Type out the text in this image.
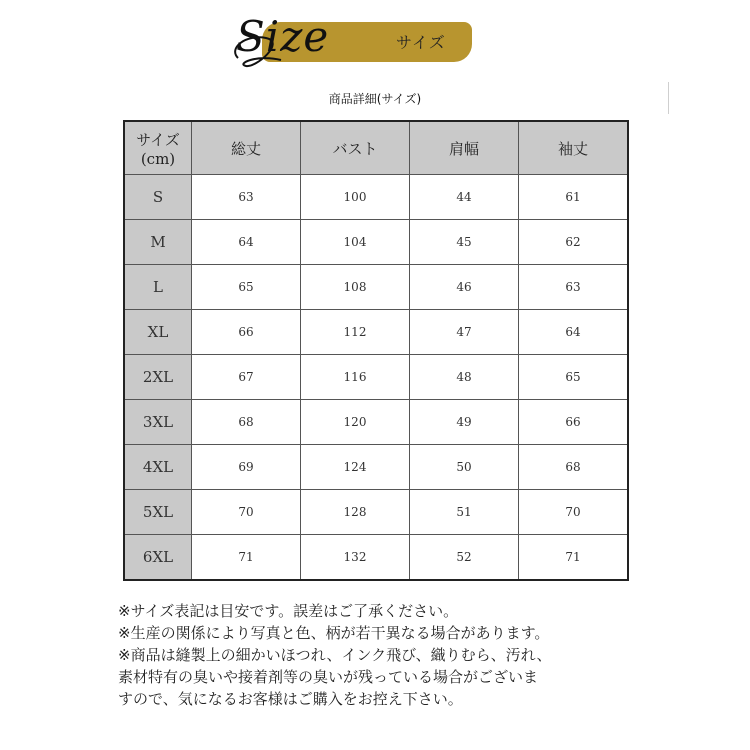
Size	サイズ
商品詳細(サイズ)
サイズ
(cm)	総丈	バスト	肩幅	袖丈
S	63	100	44	61
M	64	104	45	62
L	65	108	46	63
XL	66	112	47	64
2XL	67	116	48	65
3XL	68	120	49	66
4XL	69	124	50	68
5XL	70	128	51	70
6XL	71	132	52	71
※サイズ表記は目安です。誤差はご了承ください。
※生産の関係により写真と色、柄が若干異なる場合があります。
※商品は縫製上の細かいほつれ、インク飛び、織りむら、汚れ、
素材特有の臭いや接着剤等の臭いが残っている場合がございま
すので、気になるお客様はご購入をお控え下さい。
